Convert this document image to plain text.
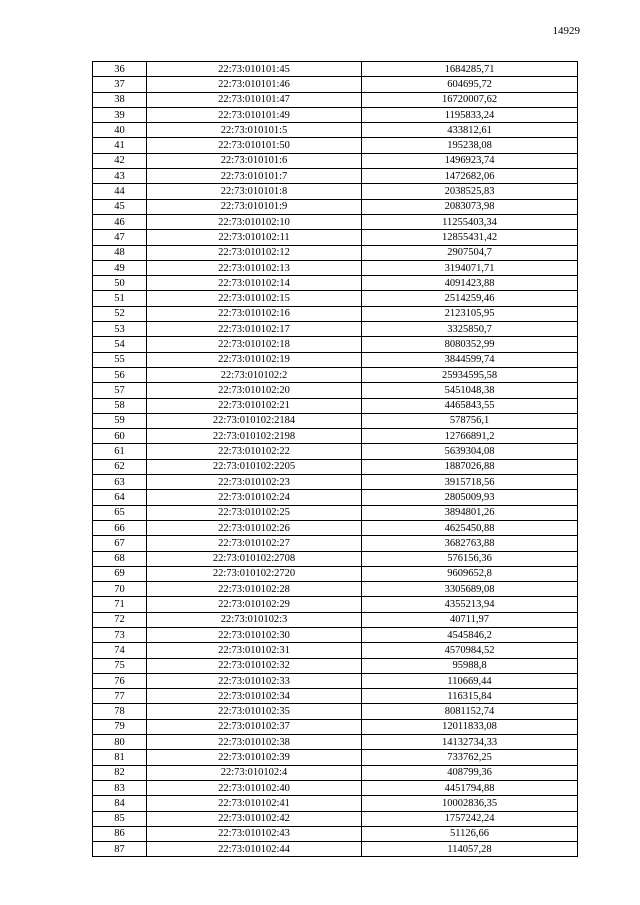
14929
36	22:73:010101:45	1684285,71
37	22:73:010101:46	604695,72
38	22:73:010101:47	16720007,62
39	22:73:010101:49	1195833,24
40	22:73:010101:5	433812,61
41	22:73:010101:50	195238,08
42	22:73:010101:6	1496923,74
43	22:73:010101:7	1472682,06
44	22:73:010101:8	2038525,83
45	22:73:010101:9	2083073,98
46	22:73:010102:10	11255403,34
47	22:73:010102:11	12855431,42
48	22:73:010102:12	2907504,7
49	22:73:010102:13	3194071,71
50	22:73:010102:14	4091423,88
51	22:73:010102:15	2514259,46
52	22:73:010102:16	2123105,95
53	22:73:010102:17	3325850,7
54	22:73:010102:18	8080352,99
55	22:73:010102:19	3844599,74
56	22:73:010102:2	25934595,58
57	22:73:010102:20	5451048,38
58	22:73:010102:21	4465843,55
59	22:73:010102:2184	578756,1
60	22:73:010102:2198	12766891,2
61	22:73:010102:22	5639304,08
62	22:73:010102:2205	1887026,88
63	22:73:010102:23	3915718,56
64	22:73:010102:24	2805009,93
65	22:73:010102:25	3894801,26
66	22:73:010102:26	4625450,88
67	22:73:010102:27	3682763,88
68	22:73:010102:2708	576156,36
69	22:73:010102:2720	9609652,8
70	22:73:010102:28	3305689,08
71	22:73:010102:29	4355213,94
72	22:73:010102:3	40711,97
73	22:73:010102:30	4545846,2
74	22:73:010102:31	4570984,52
75	22:73:010102:32	95988,8
76	22:73:010102:33	110669,44
77	22:73:010102:34	116315,84
78	22:73:010102:35	8081152,74
79	22:73:010102:37	12011833,08
80	22:73:010102:38	14132734,33
81	22:73:010102:39	733762,25
82	22:73:010102:4	408799,36
83	22:73:010102:40	4451794,88
84	22:73:010102:41	10002836,35
85	22:73:010102:42	1757242,24
86	22:73:010102:43	51126,66
87	22:73:010102:44	114057,28
